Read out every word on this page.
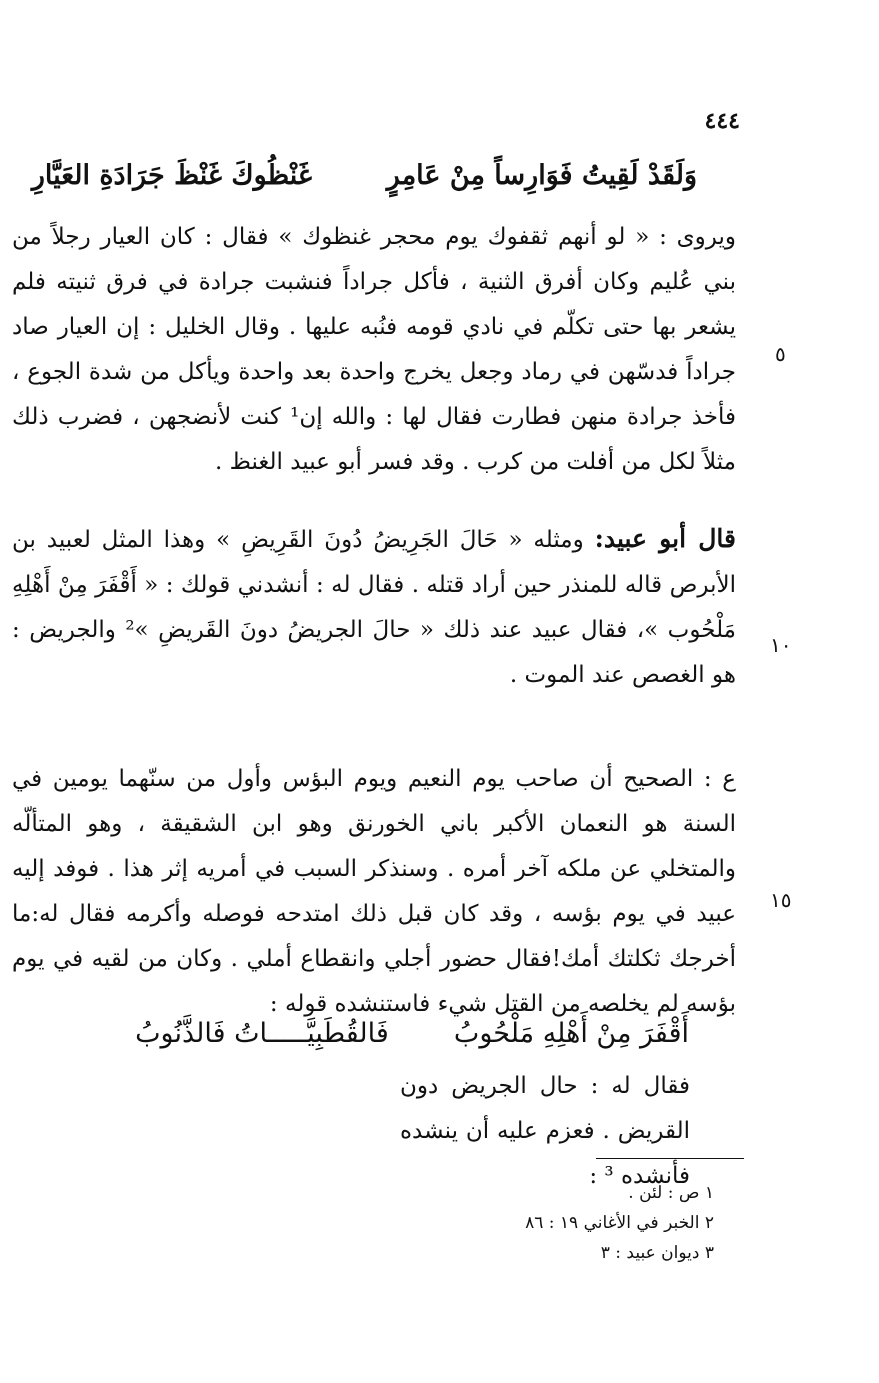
٤٤٤
وَلَقَدْ لَقِيتُ فَوَارِساً مِنْ عَامِرٍ  غَنْظُوكَ غَنْظَ جَرَادَةِ العَيَّارِ
ويروى : « لو أنهم ثقفوك يوم محجر غنظوك » فقال : كان العيار رجلاً من بني عُليم وكان أفرق الثنية ، فأكل جراداً فنشبت جرادة في فرق ثنيته فلم يشعر بها حتى تكلّم في نادي قومه فنُبه عليها . وقال الخليل : إن العيار صاد جراداً فدسّهن في رماد وجعل يخرج واحدة بعد واحدة ويأكل من شدة الجوع ، فأخذ جرادة منهن فطارت فقال لها : والله إن¹ كنت لأنضجهن ، فضرب ذلك مثلاً لكل من أفلت من كرب . وقد فسر أبو عبيد الغنظ .
قال أبو عبيد: ومثله « حَالَ الجَرِيضُ دُونَ القَرِيضِ » وهذا المثل لعبيد بن الأبرص قاله للمنذر حين أراد قتله . فقال له : أنشدني قولك : « أَقْفَرَ مِنْ أَهْلِهِ مَلْحُوب »، فقال عبيد عند ذلك « حالَ الجريضُ دونَ القَريضِ »² والجريض : هو الغصص عند الموت .
ع : الصحيح أن صاحب يوم النعيم ويوم البؤس وأول من سنّهما يومين في السنة هو النعمان الأكبر باني الخورنق وهو ابن الشقيقة ، وهو المتألّه والمتخلي عن ملكه آخر أمره . وسنذكر السبب في أمريه إثر هذا . فوفد إليه عبيد في يوم بؤسه ، وقد كان قبل ذلك امتدحه فوصله وأكرمه فقال له:ما أخرجك ثكلتك أمك!فقال حضور أجلي وانقطاع أملي . وكان من لقيه في يوم بؤسه لم يخلصه من القتل شيء فاستنشده قوله :
أَقْفَرَ مِنْ أَهْلِهِ مَلْحُوبُ  فَالقُطَبِيَّـــــاتُ فَالذَّنُوبُ
فقال له : حال الجريض دون القريض . فعزم عليه أن ينشده فأنشده ³ :
٥
١٠
١٥
١ ص : لئن .
٢ الخبر في الأغاني ١٩ : ٨٦
٣ ديوان عبيد : ٣
